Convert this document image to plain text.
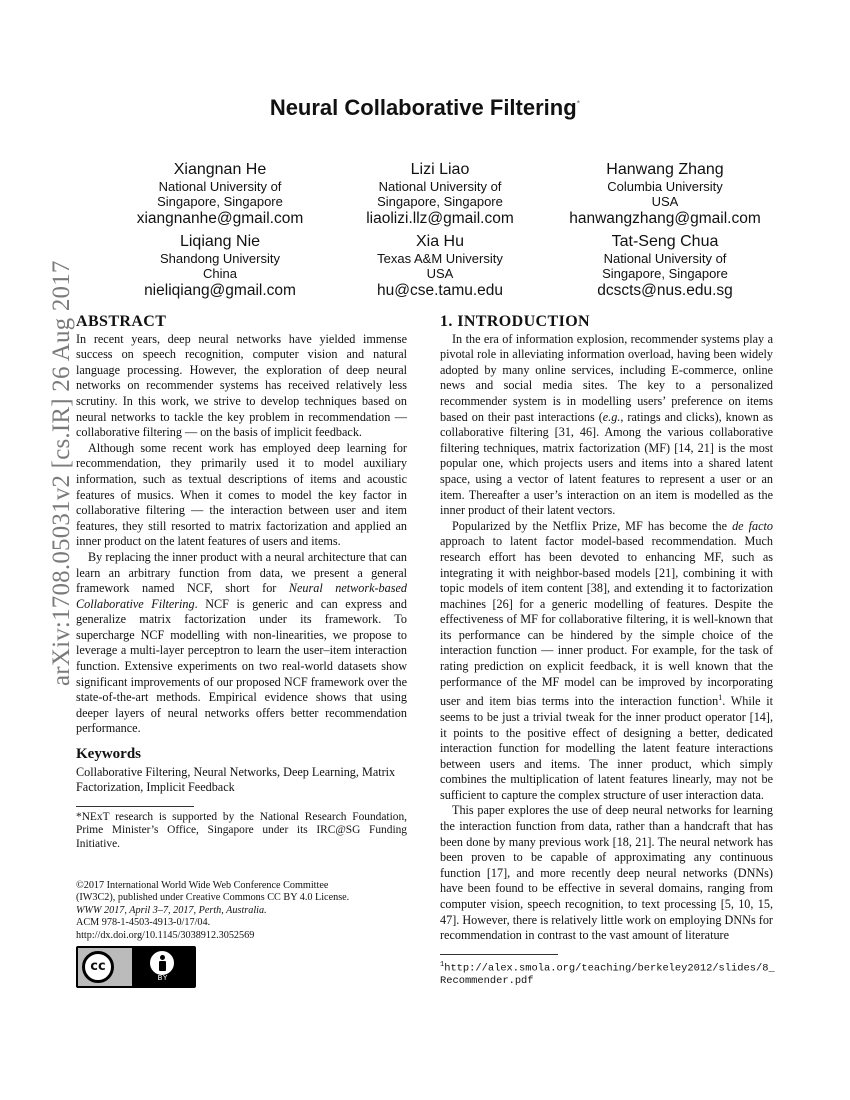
arXiv:1708.05031v2 [cs.IR] 26 Aug 2017
Neural Collaborative Filtering*
Xiangnan He
National University of
Singapore, Singapore
xiangnanhe@gmail.com
Lizi Liao
National University of
Singapore, Singapore
liaolizi.llz@gmail.com
Hanwang Zhang
Columbia University
USA
hanwangzhang@gmail.com
Liqiang Nie
Shandong University
China
nieliqiang@gmail.com
Xia Hu
Texas A&M University
USA
hu@cse.tamu.edu
Tat-Seng Chua
National University of
Singapore, Singapore
dcscts@nus.edu.sg
ABSTRACT

In recent years, deep neural networks have yielded immense success on speech recognition, computer vision and natural language processing. However, the exploration of deep neural networks on recommender systems has received relatively less scrutiny. In this work, we strive to develop techniques based on neural networks to tackle the key problem in recommendation — collaborative filtering — on the basis of implicit feedback.

Although some recent work has employed deep learning for recommendation, they primarily used it to model auxiliary information, such as textual descriptions of items and acoustic features of musics. When it comes to model the key factor in collaborative filtering — the interaction between user and item features, they still resorted to matrix factorization and applied an inner product on the latent features of users and items.

By replacing the inner product with a neural architecture that can learn an arbitrary function from data, we present a general framework named NCF, short for Neural network-based Collaborative Filtering. NCF is generic and can express and generalize matrix factorization under its framework. To supercharge NCF modelling with non-linearities, we propose to leverage a multi-layer perceptron to learn the user–item interaction function. Extensive experiments on two real-world datasets show significant improvements of our proposed NCF framework over the state-of-the-art methods. Empirical evidence shows that using deeper layers of neural networks offers better recommendation performance.

Keywords

Collaborative Filtering, Neural Networks, Deep Learning, Matrix Factorization, Implicit Feedback

*NExT research is supported by the National Research Foundation, Prime Minister’s Office, Singapore under its IRC@SG Funding Initiative.
©2017 International World Wide Web Conference Committee
(IW3C2), published under Creative Commons CC BY 4.0 License.
WWW 2017, April 3–7, 2017, Perth, Australia.
ACM 978-1-4503-4913-0/17/04.
http://dx.doi.org/10.1145/3038912.3052569
cc
BY
1. INTRODUCTION

In the era of information explosion, recommender systems play a pivotal role in alleviating information overload, having been widely adopted by many online services, including E-commerce, online news and social media sites. The key to a personalized recommender system is in modelling users’ preference on items based on their past interactions (e.g., ratings and clicks), known as collaborative filtering [31, 46]. Among the various collaborative filtering techniques, matrix factorization (MF) [14, 21] is the most popular one, which projects users and items into a shared latent space, using a vector of latent features to represent a user or an item. Thereafter a user’s interaction on an item is modelled as the inner product of their latent vectors.

Popularized by the Netflix Prize, MF has become the de facto approach to latent factor model-based recommendation. Much research effort has been devoted to enhancing MF, such as integrating it with neighbor-based models [21], combining it with topic models of item content [38], and extending it to factorization machines [26] for a generic modelling of features. Despite the effectiveness of MF for collaborative filtering, it is well-known that its performance can be hindered by the simple choice of the interaction function — inner product. For example, for the task of rating prediction on explicit feedback, it is well known that the performance of the MF model can be improved by incorporating user and item bias terms into the interaction function$^1$. While it seems to be just a trivial tweak for the inner product operator [14], it points to the positive effect of designing a better, dedicated interaction function for modelling the latent feature interactions between users and items. The inner product, which simply combines the multiplication of latent features linearly, may not be sufficient to capture the complex structure of user interaction data.

This paper explores the use of deep neural networks for learning the interaction function from data, rather than a handcraft that has been done by many previous work [18, 21]. The neural network has been proven to be capable of approximating any continuous function [17], and more recently deep neural networks (DNNs) have been found to be effective in several domains, ranging from computer vision, speech recognition, to text processing [5, 10, 15, 47]. However, there is relatively little work on employing DNNs for recommendation in contrast to the vast amount of literature

$^1$http://alex.smola.org/teaching/berkeley2012/slides/8_
Recommender.pdf
